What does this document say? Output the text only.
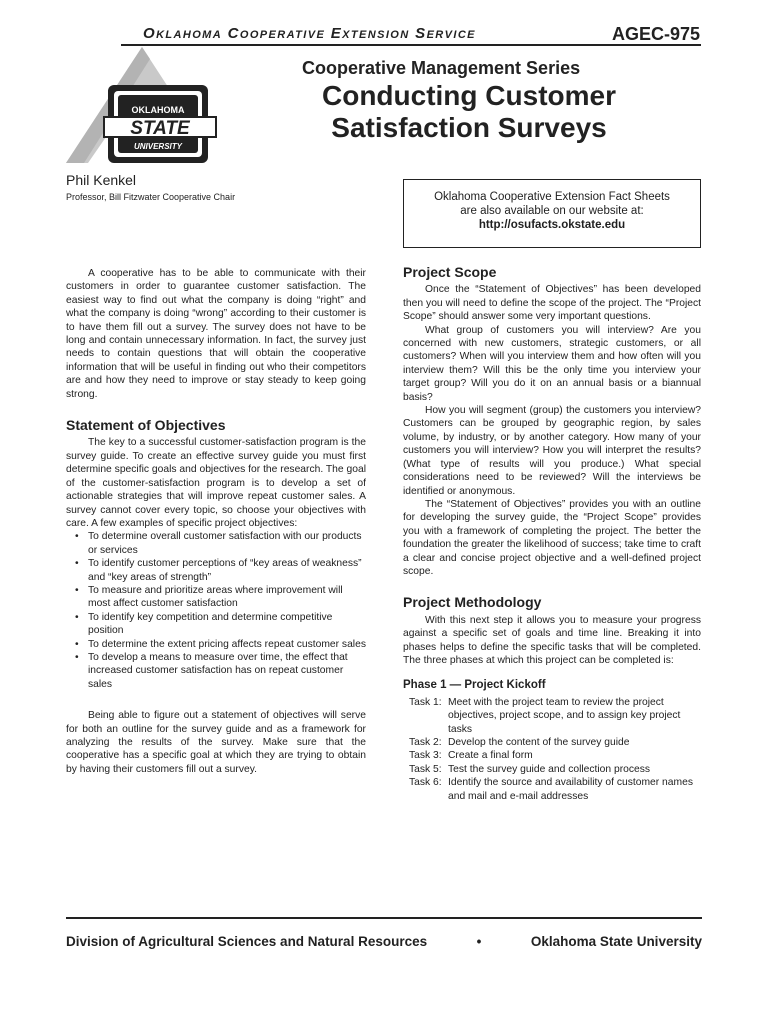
Oklahoma Cooperative Extension Service	AGEC-975
OKLAHOMA
STATE
UNIVERSITY
Cooperative Management Series
Conducting Customer
Satisfaction Surveys
Phil Kenkel
Professor, Bill Fitzwater Cooperative Chair	Oklahoma Cooperative Extension Fact Sheets
are also available on our website at:
http://osufacts.okstate.edu

A cooperative has to be able to communicate with their customers in order to guarantee customer satisfaction. The easiest way to find out what the company is doing “right” and what the company is doing “wrong” according to their customer is to have them fill out a survey. The survey does not have to be long and contain unnecessary information. In fact, the survey just needs to contain questions that will obtain the cooperative information that will be useful in finding out who their competitors are and how they need to improve or stay steady to keep going strong.

Statement of Objectives

The key to a successful customer-satisfaction program is the survey guide. To create an effective survey guide you must first determine specific goals and objectives for the research. The goal of the customer-satisfaction program is to develop a set of actionable strategies that will improve repeat customer sales. A survey cannot cover every topic, so choose your objectives with care. A few examples of specific project objectives:

• To determine overall customer satisfaction with our products or services
• To identify customer perceptions of “key areas of weakness” and “key areas of strength”
• To measure and prioritize areas where improvement will most affect customer satisfaction
• To identify key competition and determine competitive position
• To determine the extent pricing affects repeat customer sales
• To develop a means to measure over time, the effect that increased customer satisfaction has on repeat customer sales

Being able to figure out a statement of objectives will serve for both an outline for the survey guide and as a framework for analyzing the results of the survey. Make sure that the cooperative has a specific goal at which they are trying to obtain by having their customers fill out a survey.

Project Scope

Once the “Statement of Objectives” has been developed then you will need to define the scope of the project. The “Project Scope” should answer some very important questions.

What group of customers you will interview? Are you concerned with new customers, strategic customers, or all customers? When will you interview them and how often will you interview them? Will this be the only time you interview your target group? Will you do it on an annual basis or a biannual basis?

How you will segment (group) the customers you interview? Customers can be grouped by geographic region, by sales volume, by industry, or by another category. How many of your customers you will interview? How you will interpret the results? (What type of results will you produce.) What special considerations need to be reviewed? Will the interviews be identified or anonymous.

The “Statement of Objectives” provides you with an outline for developing the survey guide, the “Project Scope” provides you with a framework of completing the project. The better the foundation the greater the likelihood of success; take time to craft a clear and concise project objective and a well-defined project scope.

Project Methodology

With this next step it allows you to measure your progress against a specific set of goals and time line. Breaking it into phases helps to define the specific tasks that will be completed. The three phases at which this project can be completed is:

Phase 1 — Project Kickoff
Task 1: Meet with the project team to review the project objectives, project scope, and to assign key project tasks
Task 2: Develop the content of the survey guide
Task 3: Create a final form
Task 5: Test the survey guide and collection process
Task 6: Identify the source and availability of customer names and mail and e-mail addresses
Division of Agricultural Sciences and Natural Resources	•	Oklahoma State University
